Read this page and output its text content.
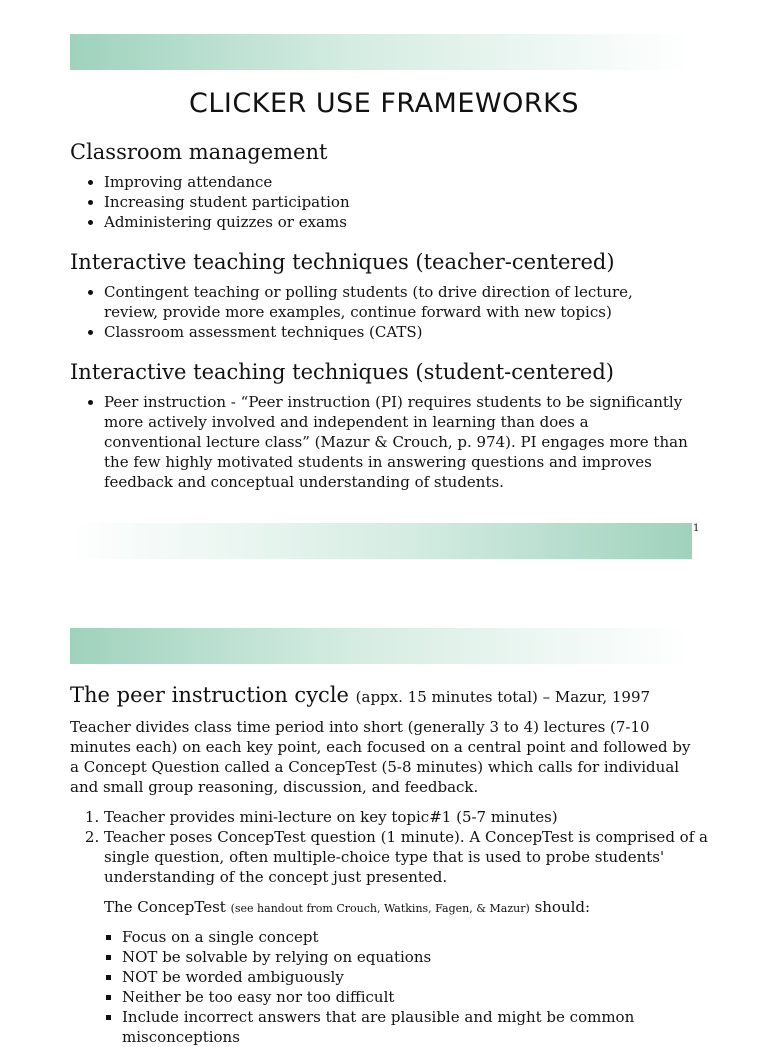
CLICKER USE FRAMEWORKS
Classroom management
• Improving attendance
• Increasing student participation
• Administering quizzes or exams
Interactive teaching techniques (teacher-centered)
• Contingent teaching or polling students (to drive direction of lecture, review, provide more examples, continue forward with new topics)
• Classroom assessment techniques (CATS)
Interactive teaching techniques (student-centered)
• Peer instruction - “Peer instruction (PI) requires students to be significantly more actively involved and independent in learning than does a conventional lecture class” (Mazur & Crouch, p. 974). PI engages more than the few highly motivated students in answering questions and improves feedback and conceptual understanding of students.
1
The peer instruction cycle (appx. 15 minutes total) – Mazur, 1997

Teacher divides class time period into short (generally 3 to 4) lectures (7-10 minutes each) on each key point, each focused on a central point and followed by a Concept Question called a ConcepTest (5-8 minutes) which calls for individual and small group reasoning, discussion, and feedback.

1. Teacher provides mini-lecture on key topic#1 (5-7 minutes)
2. Teacher poses ConcepTest question (1 minute). A ConcepTest is comprised of a single question, often multiple-choice type that is used to probe students' understanding of the concept just presented.
The ConcepTest (see handout from Crouch, Watkins, Fagen, & Mazur) should:
▪ Focus on a single concept
▪ NOT be solvable by relying on equations
▪ NOT be worded ambiguously
▪ Neither be too easy nor too difficult
▪ Include incorrect answers that are plausible and might be common misconceptions
